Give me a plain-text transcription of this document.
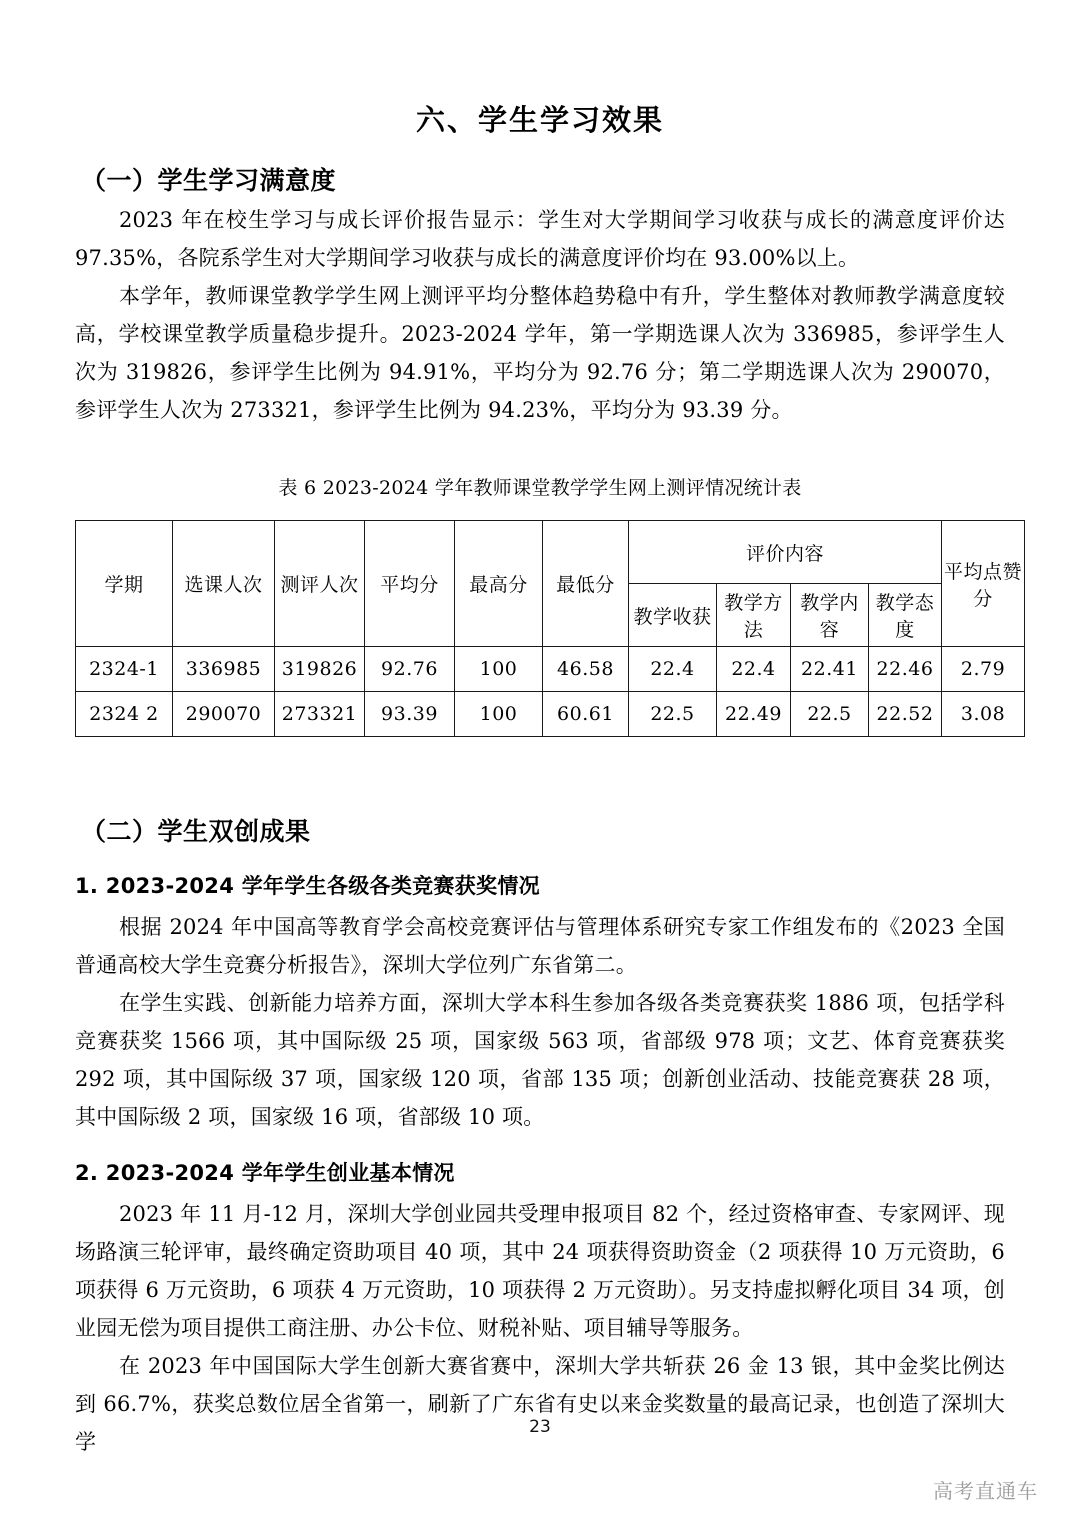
六、学生学习效果
（一）学生学习满意度

2023 年在校生学习与成长评价报告显示：学生对大学期间学习收获与成长的满意度评价达 97.35%，各院系学生对大学期间学习收获与成长的满意度评价均在 93.00%以上。

本学年，教师课堂教学学生网上测评平均分整体趋势稳中有升，学生整体对教师教学满意度较高，学校课堂教学质量稳步提升。2023-2024 学年，第一学期选课人次为 336985，参评学生人次为 319826，参评学生比例为 94.91%，平均分为 92.76 分；第二学期选课人次为 290070，参评学生人次为 273321，参评学生比例为 94.23%，平均分为 93.39 分。

表 6 2023-2024 学年教师课堂教学学生网上测评情况统计表

学期	选课人次	测评人次	平均分	最高分	最低分	评价内容				平均点赞分
						教学收获	教学方法	教学内容	教学态度	
2324-1	336985	319826	92.76	100	46.58	22.4	22.4	22.41	22.46	2.79
2324 2	290070	273321	93.39	100	60.61	22.5	22.49	22.5	22.52	3.08
（二）学生双创成果
1. 2023-2024 学年学生各级各类竞赛获奖情况

根据 2024 年中国高等教育学会高校竞赛评估与管理体系研究专家工作组发布的《2023 全国普通高校大学生竞赛分析报告》，深圳大学位列广东省第二。

在学生实践、创新能力培养方面，深圳大学本科生参加各级各类竞赛获奖 1886 项，包括学科竞赛获奖 1566 项，其中国际级 25 项，国家级 563 项，省部级 978 项；文艺、体育竞赛获奖 292 项，其中国际级 37 项，国家级 120 项，省部 135 项；创新创业活动、技能竞赛获 28 项，其中国际级 2 项，国家级 16 项，省部级 10 项。

2. 2023-2024 学年学生创业基本情况

2023 年 11 月-12 月，深圳大学创业园共受理申报项目 82 个，经过资格审查、专家网评、现场路演三轮评审，最终确定资助项目 40 项，其中 24 项获得资助资金（2 项获得 10 万元资助，6 项获得 6 万元资助，6 项获 4 万元资助，10 项获得 2 万元资助）。另支持虚拟孵化项目 34 项，创业园无偿为项目提供工商注册、办公卡位、财税补贴、项目辅导等服务。

在 2023 年中国国际大学生创新大赛省赛中，深圳大学共斩获 26 金 13 银，其中金奖比例达到 66.7%，获奖总数位居全省第一，刷新了广东省有史以来金奖数量的最高记录，也创造了深圳大学

23
高考直通车
